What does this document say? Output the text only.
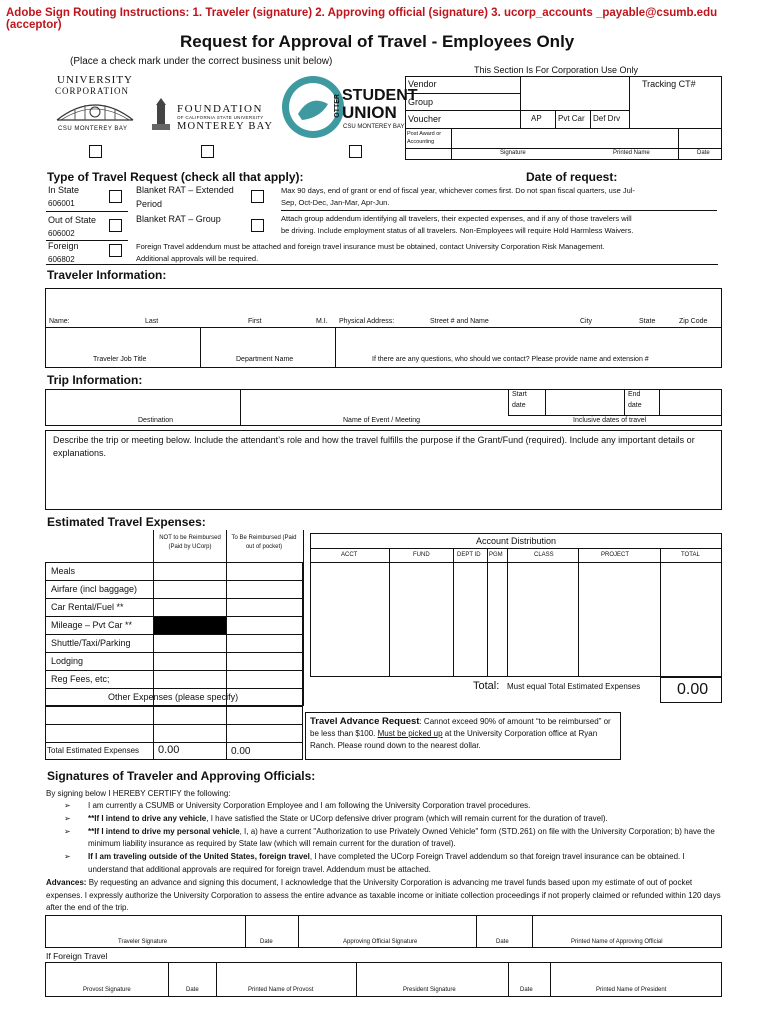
Adobe Sign Routing Instructions: 1. Traveler (signature) 2. Approving official (signature) 3. ucorp_accounts _payable@csumb.edu (acceptor)
Request for Approval of Travel - Employees Only
(Place a check mark under the correct business unit below)
UNIVERSITY
CORPORATION
CSU MONTEREY BAY
FOUNDATION
OF CALIFORNIA STATE UNIVERSITY
MONTEREY BAY
OTTER STUDENT
UNION
CSU MONTEREY BAY
This Section Is For Corporation Use Only
Vendor	Tracking CT#
Group
Voucher	AP Pvt Car Def Drv
Post Award or Accounting
Signature	Printed Name	Date
Type of Travel Request (check all that apply):	Date of request:
In State
606001
Out of State
606002
Foreign
606802
Blanket RAT – Extended
Period
Blanket RAT – Group
Max 90 days, end of grant or end of fiscal year, whichever comes first. Do not span fiscal quarters, use Jul-
Sep, Oct-Dec, Jan-Mar, Apr-Jun.
Attach group addendum identifying all travelers, their expected expenses, and if any of those travelers will
be driving. Include employment status of all travelers. Non-Employees will require Hold Harmless Waivers.
Foreign Travel addendum must be attached and foreign travel insurance must be obtained, contact University Corporation Risk Management.
Additional approvals will be required.
Traveler Information:
Name:	Last	First	M.I. Physical Address:	Street # and Name	City	State	Zip Code
Traveler Job Title	Department Name	If there are any questions, who should we contact? Please provide name and extension #
Trip Information:
Start
date
End
date
Destination	Name of Event / Meeting	Inclusive dates of travel
Describe the trip or meeting below. Include the attendant’s role and how the travel fulfills the purpose if the Grant/Fund (required). Include any important details or explanations.
Estimated Travel Expenses:
NOT to be Reimbursed (Paid by UCorp)
To Be Reimbursed (Paid out of pocket)
Meals
Airfare (incl baggage)
Car Rental/Fuel **
Mileage – Pvt Car **
Shuttle/Taxi/Parking
Lodging
Reg Fees, etc;
Other Expenses (please specify)
Total Estimated Expenses 0.00	0.00
Account Distribution
ACCT	FUND	DEPT ID PGM	CLASS	PROJECT	TOTAL
Total: Must equal Total Estimated Expenses 0.00
Travel Advance Request: Cannot exceed 90% of amount “to be reimbursed” or be less than $100. Must be picked up at the University Corporation office at Ryan Ranch. Please round down to the nearest dollar.
Signatures of Traveler and Approving Officials:
By signing below I HEREBY CERTIFY the following:
➢ I am currently a CSUMB or University Corporation Employee and I am following the University Corporation travel procedures.
➢ **If I intend to drive any vehicle, I have satisfied the State or UCorp defensive driver program (which will remain current for the duration of travel).
➢ **If I intend to drive my personal vehicle, I, a) have a current "Authorization to use Privately Owned Vehicle" form (STD.261) on file with the University Corporation; b) have the minimum liability insurance as required by State law (which will remain current for the duration of travel).
➢ If I am traveling outside of the United States, foreign travel, I have completed the UCorp Foreign Travel addendum so that foreign travel insurance can be obtained. I understand that additional approvals are required for foreign travel. Addendum must be attached.
Advances: By requesting an advance and signing this document, I acknowledge that the University Corporation is advancing me travel funds based upon my estimate of out of pocket expenses. I expressly authorize the University Corporation to assess the entire advance as taxable income or initiate collection proceedings if not properly claimed or refunded within 120 days after the end of the trip.
Traveler Signature	Date	Approving Official Signature	Date	Printed Name of Approving Official
If Foreign Travel
Provost Signature	Date	Printed Name of Provost	President Signature	Date	Printed Name of President
